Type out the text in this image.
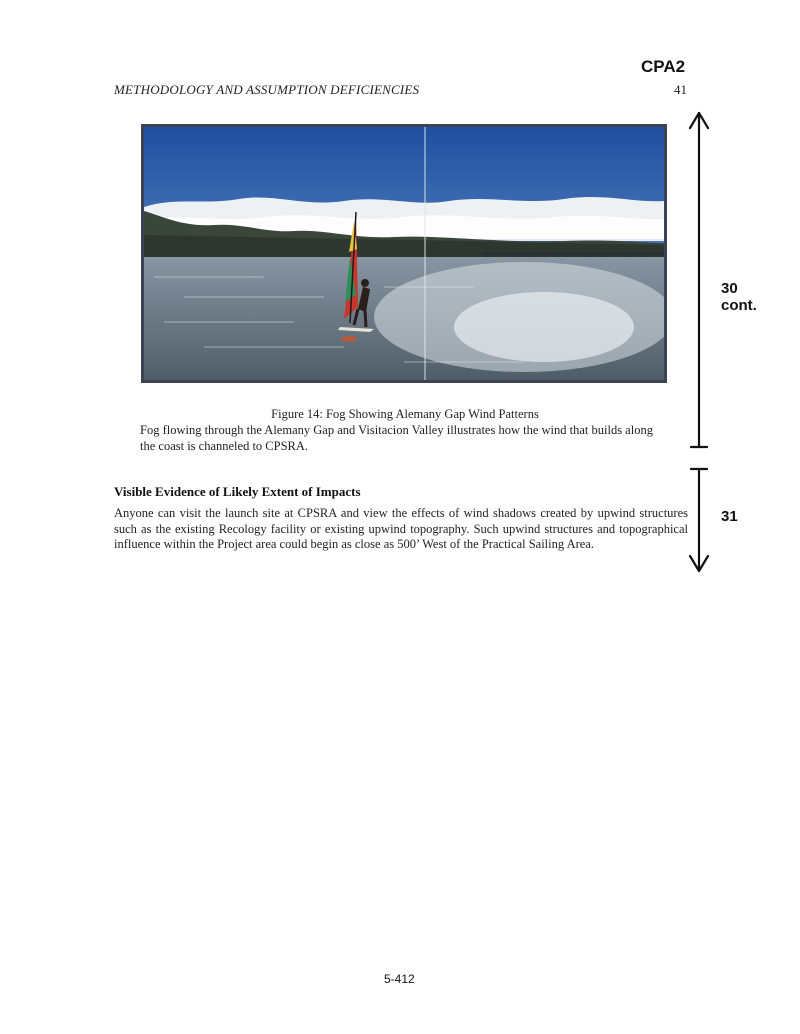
CPA2
METHODOLOGY AND ASSUMPTION DEFICIENCIES	41
Figure 14: Fog Showing Alemany Gap Wind Patterns

Fog flowing through the Alemany Gap and Visitacion Valley illustrates how the wind that builds along the coast is channeled to CPSRA.

Visible Evidence of Likely Extent of Impacts

Anyone can visit the launch site at CPSRA and view the effects of wind shadows created by upwind structures such as the existing Recology facility or existing upwind topography. Such upwind structures and topographical influence within the Project area could begin as close as 500’ West of the Practical Sailing Area.

30
cont.
31
5-412
